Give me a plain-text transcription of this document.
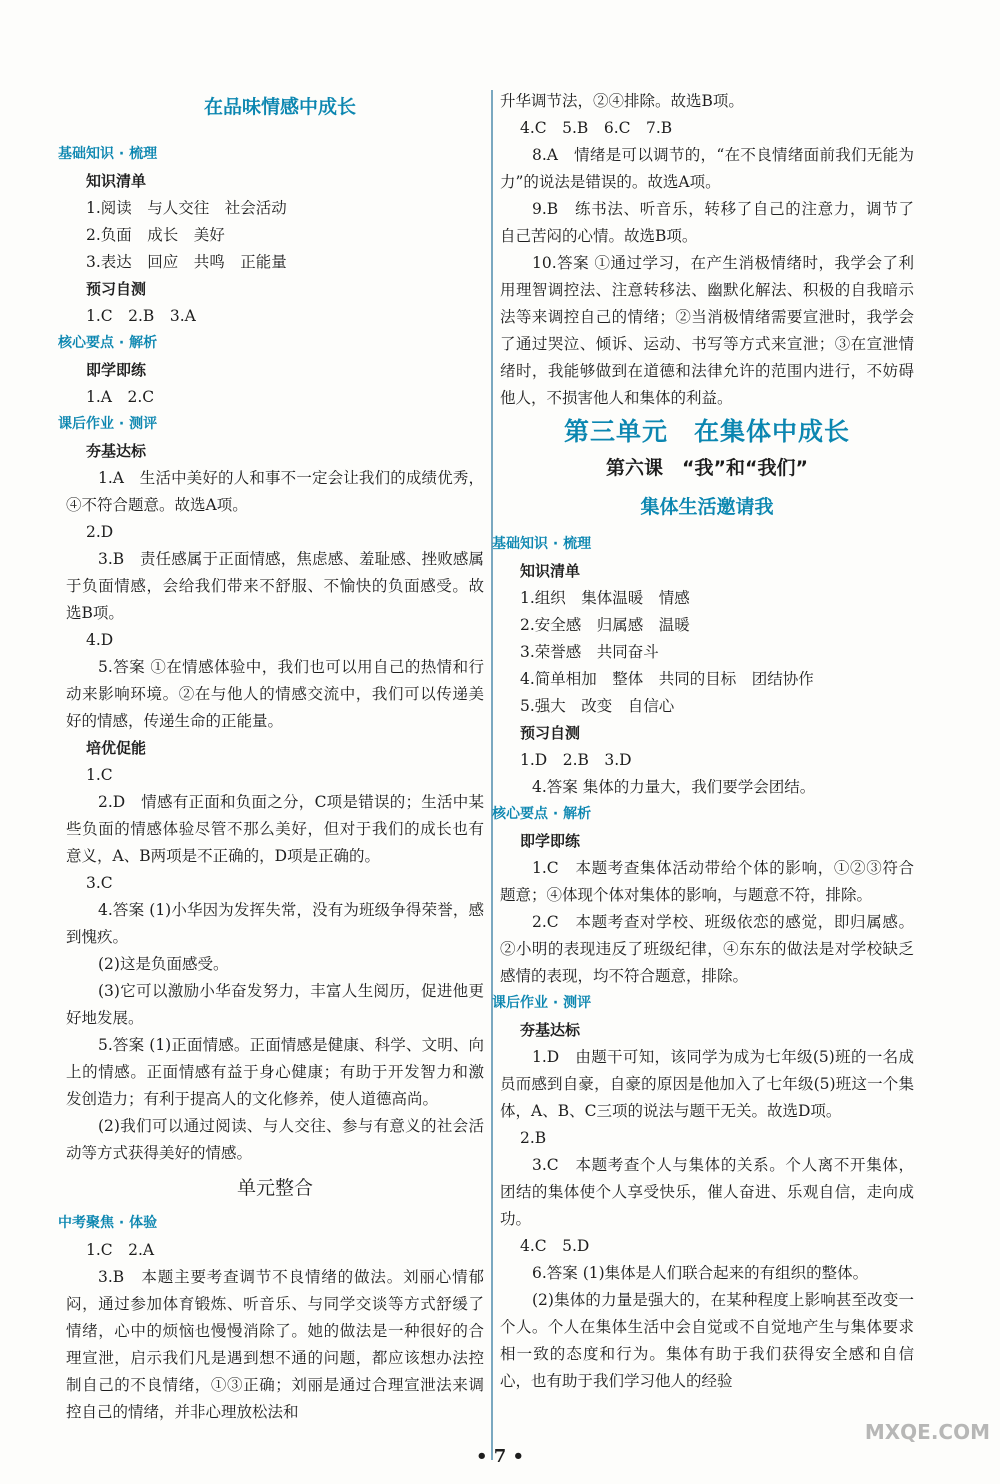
在品味情感中成长
基础知识 · 梳理
知识清单
1.阅读　与人交往　社会活动
2.负面　成长　美好
3.表达　回应　共鸣　正能量
预习自测
1.C　2.B　3.A
核心要点 · 解析
即学即练
1.A　2.C
课后作业 · 测评
夯基达标
1.A　生活中美好的人和事不一定会让我们的成绩优秀，④不符合题意。故选A项。
2.D
3.B　责任感属于正面情感，焦虑感、羞耻感、挫败感属于负面情感，会给我们带来不舒服、不愉快的负面感受。故选B项。
4.D
5.答案 ①在情感体验中，我们也可以用自己的热情和行动来影响环境。②在与他人的情感交流中，我们可以传递美好的情感，传递生命的正能量。
培优促能
1.C
2.D　情感有正面和负面之分，C项是错误的；生活中某些负面的情感体验尽管不那么美好，但对于我们的成长也有意义，A、B两项是不正确的，D项是正确的。
3.C
4.答案 (1)小华因为发挥失常，没有为班级争得荣誉，感到愧疚。
(2)这是负面感受。
(3)它可以激励小华奋发努力，丰富人生阅历，促进他更好地发展。
5.答案 (1)正面情感。正面情感是健康、科学、文明、向上的情感。正面情感有益于身心健康；有助于开发智力和激发创造力；有利于提高人的文化修养，使人道德高尚。
(2)我们可以通过阅读、与人交往、参与有意义的社会活动等方式获得美好的情感。
单元整合
中考聚焦 · 体验
1.C　2.A
3.B　本题主要考查调节不良情绪的做法。刘丽心情郁闷，通过参加体育锻炼、听音乐、与同学交谈等方式舒缓了情绪，心中的烦恼也慢慢消除了。她的做法是一种很好的合理宣泄，启示我们凡是遇到想不通的问题，都应该想办法控制自己的不良情绪，①③正确；刘丽是通过合理宣泄法来调控自己的情绪，并非心理放松法和
升华调节法，②④排除。故选B项。
4.C　5.B　6.C　7.B
8.A　情绪是可以调节的，“在不良情绪面前我们无能为力”的说法是错误的。故选A项。
9.B　练书法、听音乐，转移了自己的注意力，调节了自己苦闷的心情。故选B项。
10.答案 ①通过学习，在产生消极情绪时，我学会了利用理智调控法、注意转移法、幽默化解法、积极的自我暗示法等来调控自己的情绪；②当消极情绪需要宣泄时，我学会了通过哭泣、倾诉、运动、书写等方式来宣泄；③在宣泄情绪时，我能够做到在道德和法律允许的范围内进行，不妨碍他人，不损害他人和集体的利益。
第三单元　在集体中成长
第六课　“我”和“我们”
集体生活邀请我
基础知识 · 梳理
知识清单
1.组织　集体温暖　情感
2.安全感　归属感　温暖
3.荣誉感　共同奋斗
4.简单相加　整体　共同的目标　团结协作
5.强大　改变　自信心
预习自测
1.D　2.B　3.D
4.答案 集体的力量大，我们要学会团结。
核心要点 · 解析
即学即练
1.C　本题考查集体活动带给个体的影响，①②③符合题意；④体现个体对集体的影响，与题意不符，排除。
2.C　本题考查对学校、班级依恋的感觉，即归属感。②小明的表现违反了班级纪律，④东东的做法是对学校缺乏感情的表现，均不符合题意，排除。
课后作业 · 测评
夯基达标
1.D　由题干可知，该同学为成为七年级(5)班的一名成员而感到自豪，自豪的原因是他加入了七年级(5)班这一个集体，A、B、C三项的说法与题干无关。故选D项。
2.B
3.C　本题考查个人与集体的关系。个人离不开集体，团结的集体使个人享受快乐，催人奋进、乐观自信，走向成功。
4.C　5.D
6.答案 (1)集体是人们联合起来的有组织的整体。
(2)集体的力量是强大的，在某种程度上影响甚至改变一个人。个人在集体生活中会自觉或不自觉地产生与集体要求相一致的态度和行为。集体有助于我们获得安全感和自信心，也有助于我们学习他人的经验
• 7 •
MXQE.COM
